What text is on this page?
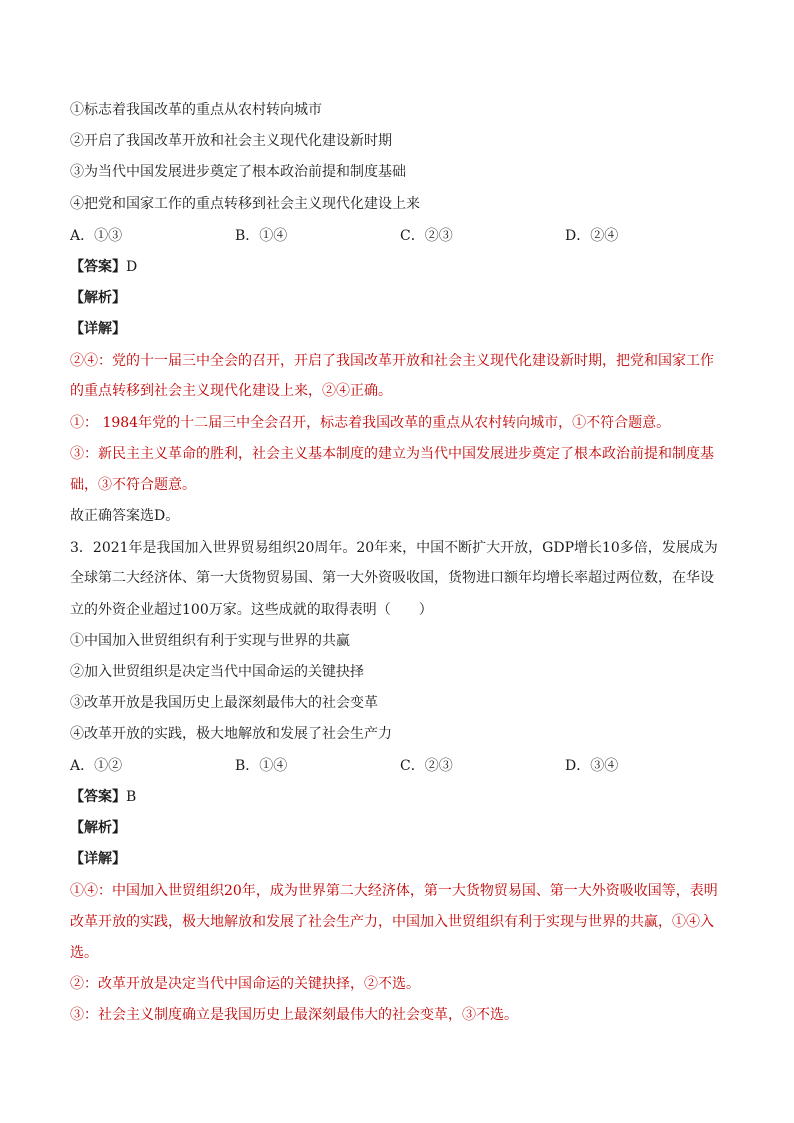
①标志着我国改革的重点从农村转向城市
②开启了我国改革开放和社会主义现代化建设新时期
③为当代中国发展进步奠定了根本政治前提和制度基础
④把党和国家工作的重点转移到社会主义现代化建设上来
A．①③	B．①④	C．②③	D．②④
【答案】D
【解析】
【详解】
②④：党的十一届三中全会的召开，开启了我国改革开放和社会主义现代化建设新时期，把党和国家工作
的重点转移到社会主义现代化建设上来，②④正确。
①： 1984年党的十二届三中全会召开，标志着我国改革的重点从农村转向城市，①不符合题意。
③：新民主主义革命的胜利，社会主义基本制度的建立为当代中国发展进步奠定了根本政治前提和制度基
础，③不符合题意。
故正确答案选D。
3．2021年是我国加入世界贸易组织20周年。20年来，中国不断扩大开放，GDP增长10多倍，发展成为
全球第二大经济体、第一大货物贸易国、第一大外资吸收国，货物进口额年均增长率超过两位数，在华设
立的外资企业超过100万家。这些成就的取得表明（　　）
①中国加入世贸组织有利于实现与世界的共赢
②加入世贸组织是决定当代中国命运的关键抉择
③改革开放是我国历史上最深刻最伟大的社会变革
④改革开放的实践，极大地解放和发展了社会生产力
A．①②	B．①④	C．②③	D．③④
【答案】B
【解析】
【详解】
①④：中国加入世贸组织20年，成为世界第二大经济体，第一大货物贸易国、第一大外资吸收国等，表明
改革开放的实践，极大地解放和发展了社会生产力，中国加入世贸组织有利于实现与世界的共赢，①④入
选。
②：改革开放是决定当代中国命运的关键抉择，②不选。
③：社会主义制度确立是我国历史上最深刻最伟大的社会变革，③不选。
